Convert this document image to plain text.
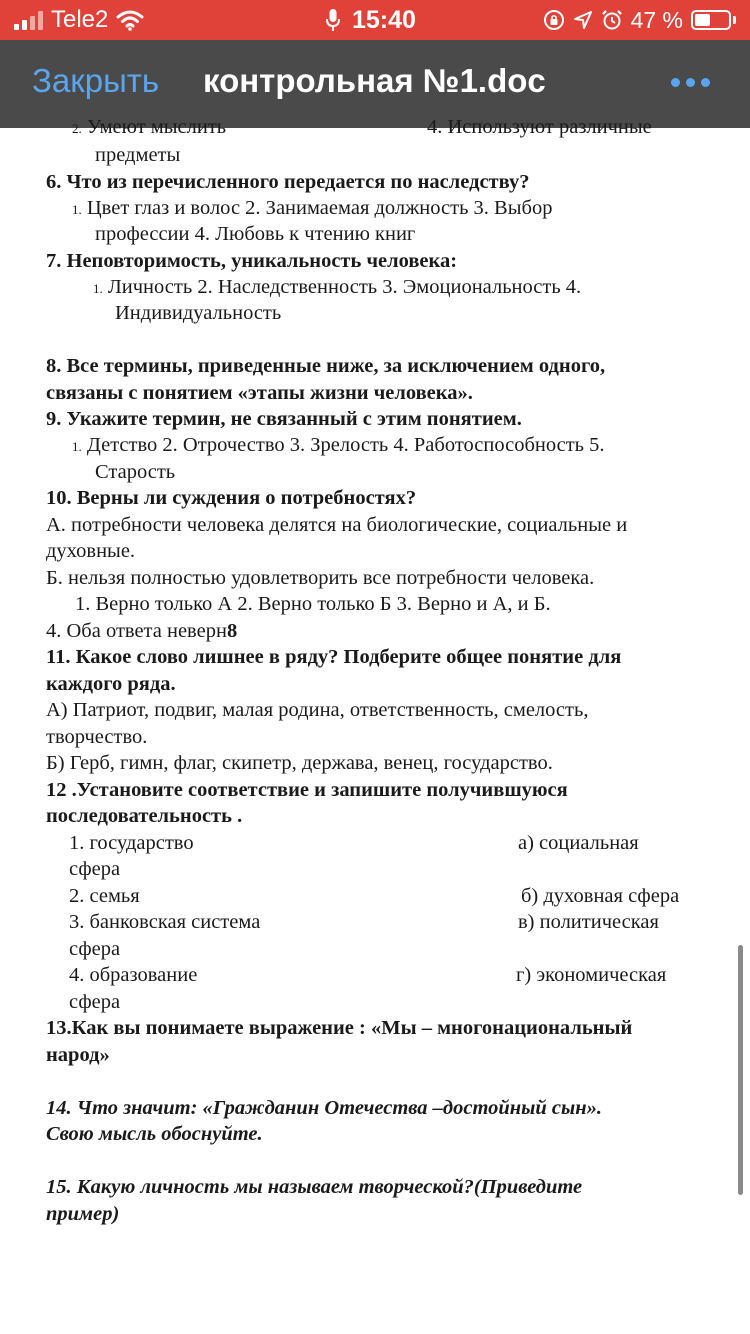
Tele2	15:40	47 %
Закрыть контрольная №1.doc
2. Умеют мыслить	4. Используют различные
предметы
6. Что из перечисленного передается по наследству?
1. Цвет глаз и волос 2. Занимаемая должность 3. Выбор
профессии 4. Любовь к чтению книг
7. Неповторимость, уникальность человека:
1. Личность 2. Наследственность 3. Эмоциональность 4.
Индивидуальность
8. Все термины, приведенные ниже, за исключением одного,
связаны с понятием «этапы жизни человека».
9. Укажите термин, не связанный с этим понятием.
1. Детство 2. Отрочество 3. Зрелость 4. Работоспособность 5.
Старость
10. Верны ли суждения о потребностях?
А. потребности человека делятся на биологические, социальные и
духовные.
Б. нельзя полностью удовлетворить все потребности человека.
1. Верно только А 2. Верно только Б 3. Верно и А, и Б.
4. Оба ответа неверн8
11. Какое слово лишнее в ряду? Подберите общее понятие для
каждого ряда.
А) Патриот, подвиг, малая родина, ответственность, смелость,
творчество.
Б) Герб, гимн, флаг, скипетр, держава, венец, государство.
12 .Установите соответствие и запишите получившуюся
последовательность .
1. государство	а) социальная
сфера
2. семья	б) духовная сфера
3. банковская система	в) политическая
сфера
4. образование	г) экономическая
сфера
13.Как вы понимаете выражение : «Мы – многонациональный
народ»
14. Что значит: «Гражданин Отечества –достойный сын».
Свою мысль обоснуйте.
15. Какую личность мы называем творческой?(Приведите
пример)
